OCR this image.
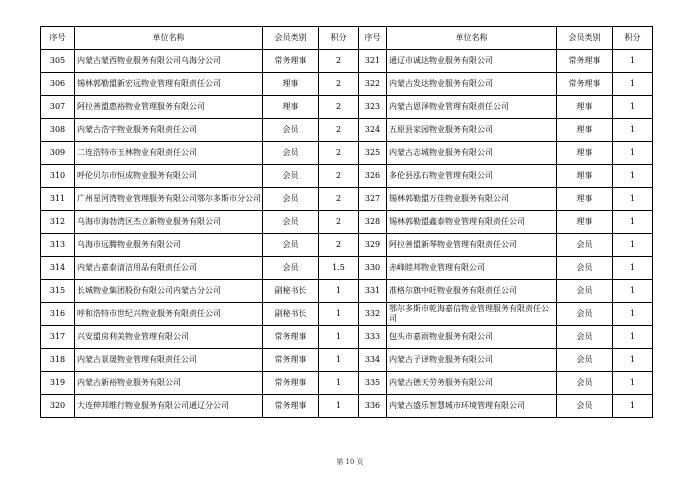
序号	单位名称	会员类别	积分	序号	单位名称	会员类别	积分
305	内蒙古蒙西物业服务有限公司乌海分公司	常务理事	2	321	通辽市诚达物业服务有限公司	常务理事	1
306	锡林郭勒盟新宏远物业管理有限责任公司	理事	2	322	内蒙古发达物业服务有限公司	常务理事	1
307	阿拉善盟惠裕物业管理服务有限公司	理事	2	323	内蒙古恩泽物业管理有限责任公司	理事	1
308	内蒙古浩宇物业服务有限责任公司	会员	2	324	五原县家园物业服务有限公司	理事	1
309	二连浩特市玉林物业有限责任公司	会员	2	325	内蒙古志城物业服务有限公司	理事	1
310	呼伦贝尔市恒成物业服务有限公司	会员	2	326	多伦县泓石物业管理有限公司	理事	1
311	广州星河湾物业管理服务有限公司鄂尔多斯市分公司	会员	2	327	锡林郭勒盟万佳物业服务有限公司	理事	1
312	乌海市海勃湾区杰立新物业服务有限公司	会员	2	328	锡林郭勒盟鑫泰物业管理有限责任公司	理事	1
313	乌海市远腾物业服务有限公司	会员	2	329	阿拉善盟新琴物业管理有限责任公司	会员	1
314	内蒙古嘉泰清洁用品有限责任公司	会员	1.5	330	赤峰睦邦物业管理有限公司	会员	1
315	长城物业集团股份有限公司内蒙古分公司	副秘书长	1	331	准格尔旗中旺物业服务有限责任公司	会员	1
316	呼和浩特市世纪兴物业服务有限责任公司	副秘书长	1	332	鄂尔多斯市乾海嘉信物业管理服务有限责任公司	会员	1
317	兴安盟房利美物业管理有限公司	常务理事	1	333	包头市嘉雨物业服务有限公司	会员	1
318	内蒙古景晟物业管理有限责任公司	常务理事	1	334	内蒙古子译物业服务有限公司	会员	1
319	内蒙古新裕物业服务有限公司	常务理事	1	335	内蒙古德天劳务服务有限公司	会员	1
320	大连伸邦维行物业服务有限公司通辽分公司	常务理事	1	336	内蒙古盛乐智慧城市环境管理有限公司	会员	1
第 10 页
